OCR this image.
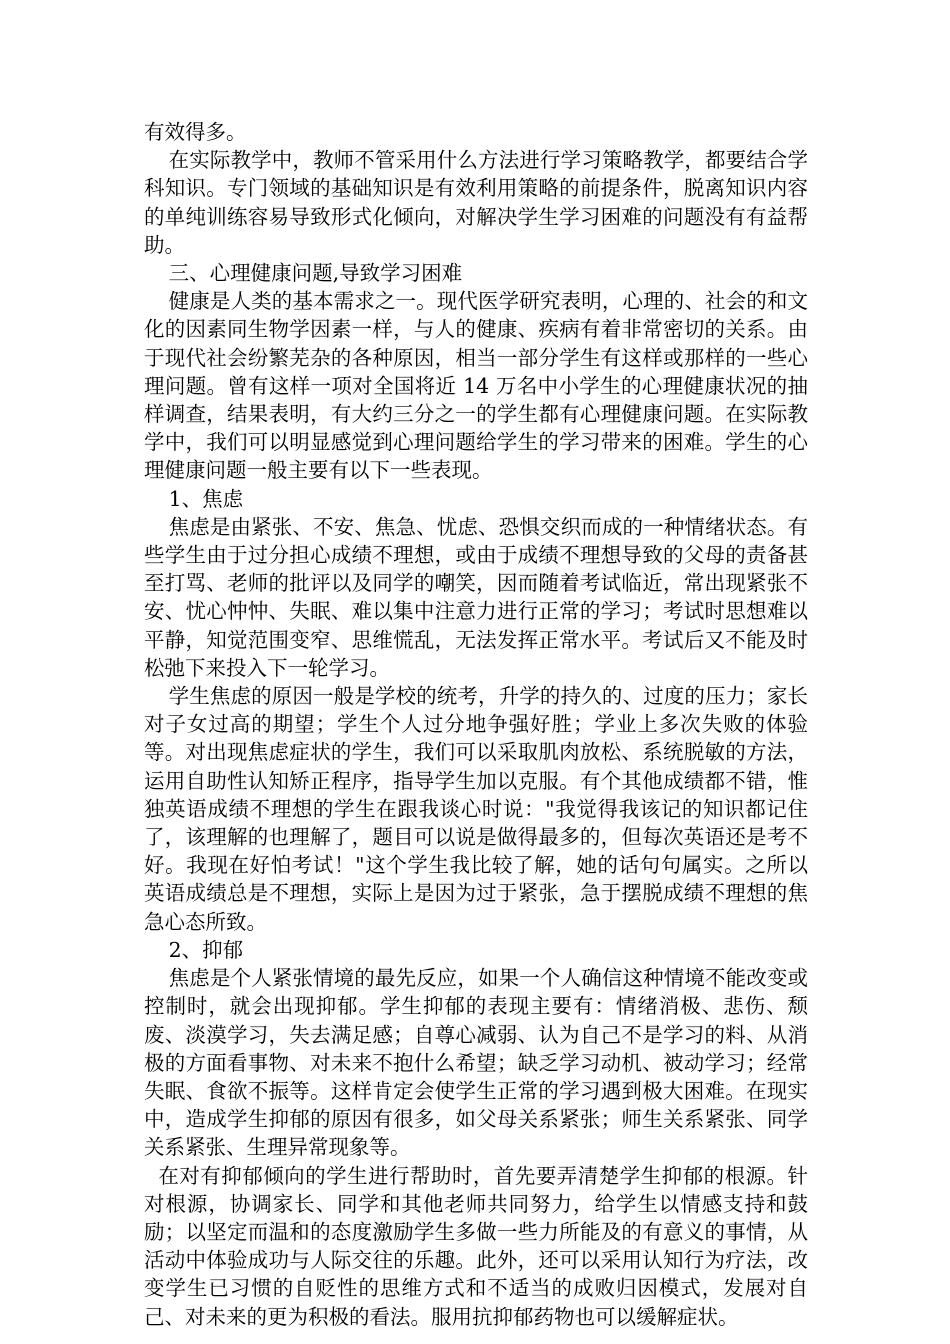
有效得多。

在实际教学中，教师不管采用什么方法进行学习策略教学，都要结合学科知识。专门领域的基础知识是有效利用策略的前提条件，脱离知识内容的单纯训练容易导致形式化倾向，对解决学生学习困难的问题没有有益帮助。

三、心理健康问题,导致学习困难

健康是人类的基本需求之一。现代医学研究表明，心理的、社会的和文化的因素同生物学因素一样，与人的健康、疾病有着非常密切的关系。由于现代社会纷繁芜杂的各种原因，相当一部分学生有这样或那样的一些心理问题。曾有这样一项对全国将近 14 万名中小学生的心理健康状况的抽样调查，结果表明，有大约三分之一的学生都有心理健康问题。在实际教学中，我们可以明显感觉到心理问题给学生的学习带来的困难。学生的心理健康问题一般主要有以下一些表现。

1、焦虑

焦虑是由紧张、不安、焦急、忧虑、恐惧交织而成的一种情绪状态。有些学生由于过分担心成绩不理想，或由于成绩不理想导致的父母的责备甚至打骂、老师的批评以及同学的嘲笑，因而随着考试临近，常出现紧张不安、忧心忡忡、失眠、难以集中注意力进行正常的学习；考试时思想难以平静，知觉范围变窄、思维慌乱，无法发挥正常水平。考试后又不能及时松弛下来投入下一轮学习。

学生焦虑的原因一般是学校的统考，升学的持久的、过度的压力；家长对子女过高的期望；学生个人过分地争强好胜；学业上多次失败的体验等。对出现焦虑症状的学生，我们可以采取肌肉放松、系统脱敏的方法，运用自助性认知矫正程序，指导学生加以克服。有个其他成绩都不错，惟独英语成绩不理想的学生在跟我谈心时说："我觉得我该记的知识都记住了，该理解的也理解了，题目可以说是做得最多的，但每次英语还是考不好。我现在好怕考试！"这个学生我比较了解，她的话句句属实。之所以英语成绩总是不理想，实际上是因为过于紧张，急于摆脱成绩不理想的焦急心态所致。

2、抑郁

焦虑是个人紧张情境的最先反应，如果一个人确信这种情境不能改变或控制时，就会出现抑郁。学生抑郁的表现主要有：情绪消极、悲伤、颓废、淡漠学习，失去满足感；自尊心减弱、认为自己不是学习的料、从消极的方面看事物、对未来不抱什么希望；缺乏学习动机、被动学习；经常失眠、食欲不振等。这样肯定会使学生正常的学习遇到极大困难。在现实中，造成学生抑郁的原因有很多，如父母关系紧张；师生关系紧张、同学关系紧张、生理异常现象等。

在对有抑郁倾向的学生进行帮助时，首先要弄清楚学生抑郁的根源。针对根源，协调家长、同学和其他老师共同努力，给学生以情感支持和鼓励；以坚定而温和的态度激励学生多做一些力所能及的有意义的事情，从活动中体验成功与人际交往的乐趣。此外，还可以采用认知行为疗法，改变学生已习惯的自贬性的思维方式和不适当的成败归因模式，发展对自己、对未来的更为积极的看法。服用抗抑郁药物也可以缓解症状。
